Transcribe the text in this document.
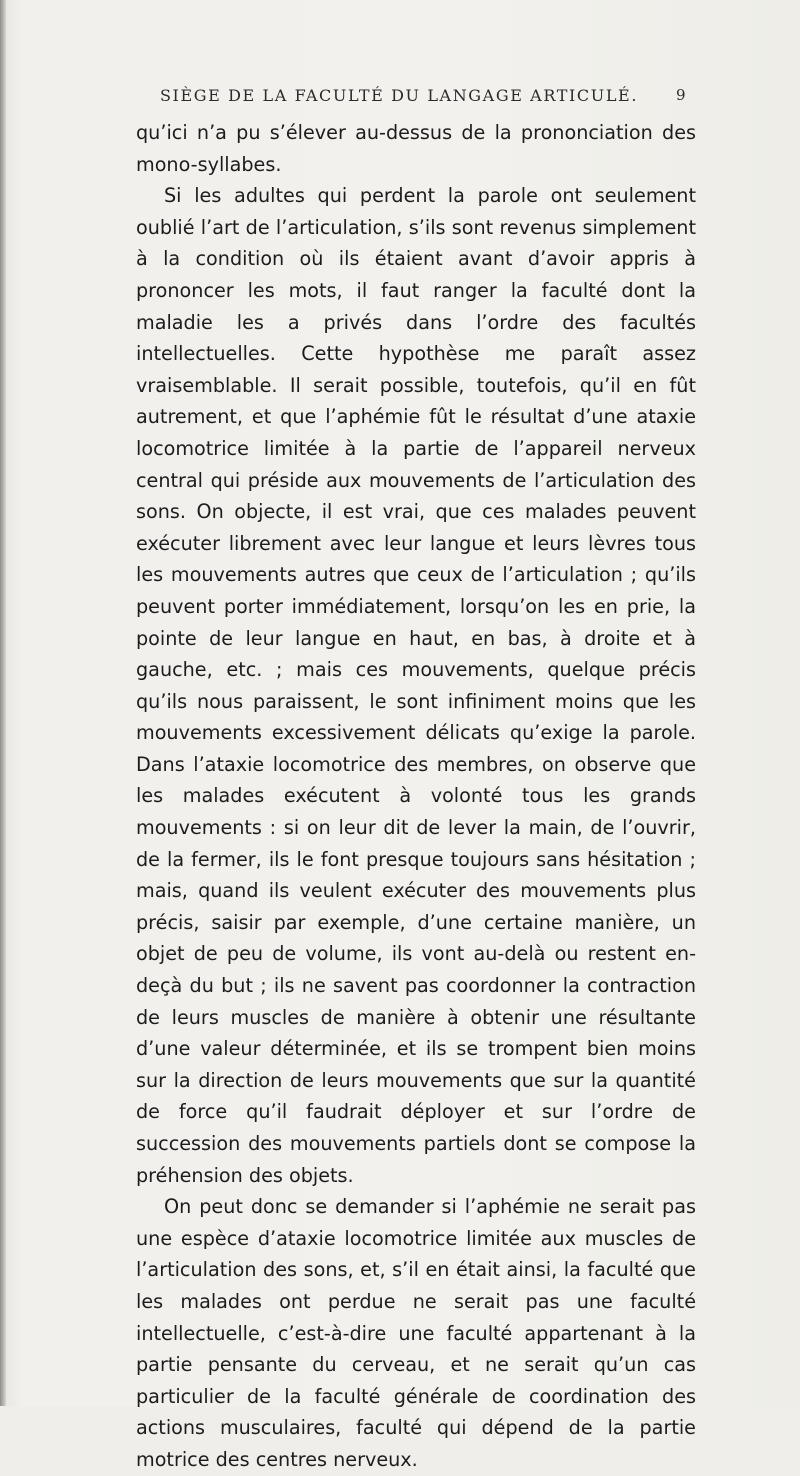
SIÈGE DE LA FACULTÉ DU LANGAGE ARTICULÉ.	9

qu’ici n’a pu s’élever au-dessus de la prononciation des mono-syllabes.

Si les adultes qui perdent la parole ont seulement oublié l’art de l’articulation, s’ils sont revenus simplement à la condition où ils étaient avant d’avoir appris à prononcer les mots, il faut ranger la faculté dont la maladie les a privés dans l’ordre des facultés intellectuelles. Cette hypothèse me paraît assez vraisemblable. Il serait possible, toutefois, qu’il en fût autrement, et que l’aphémie fût le résultat d’une ataxie locomotrice limitée à la partie de l’appareil nerveux central qui préside aux mouvements de l’articulation des sons. On objecte, il est vrai, que ces malades peuvent exécuter librement avec leur langue et leurs lèvres tous les mouvements autres que ceux de l’articulation ; qu’ils peuvent porter immédiatement, lorsqu’on les en prie, la pointe de leur langue en haut, en bas, à droite et à gauche, etc. ; mais ces mouvements, quelque précis qu’ils nous paraissent, le sont infiniment moins que les mouvements excessivement délicats qu’exige la parole. Dans l’ataxie locomotrice des membres, on observe que les malades exécutent à volonté tous les grands mouvements : si on leur dit de lever la main, de l’ouvrir, de la fermer, ils le font presque toujours sans hésitation ; mais, quand ils veulent exécuter des mouvements plus précis, saisir par exemple, d’une certaine manière, un objet de peu de volume, ils vont au-delà ou restent en-deçà du but ; ils ne savent pas coordonner la contraction de leurs muscles de manière à obtenir une résultante d’une valeur déterminée, et ils se trompent bien moins sur la direction de leurs mouvements que sur la quantité de force qu’il faudrait déployer et sur l’ordre de succession des mouvements partiels dont se compose la préhension des objets.

On peut donc se demander si l’aphémie ne serait pas une espèce d’ataxie locomotrice limitée aux muscles de l’articulation des sons, et, s’il en était ainsi, la faculté que les malades ont perdue ne serait pas une faculté intellectuelle, c’est-à-dire une faculté appartenant à la partie pensante du cerveau, et ne serait qu’un cas particulier de la faculté générale de coordination des actions musculaires, faculté qui dépend de la partie motrice des centres nerveux.
